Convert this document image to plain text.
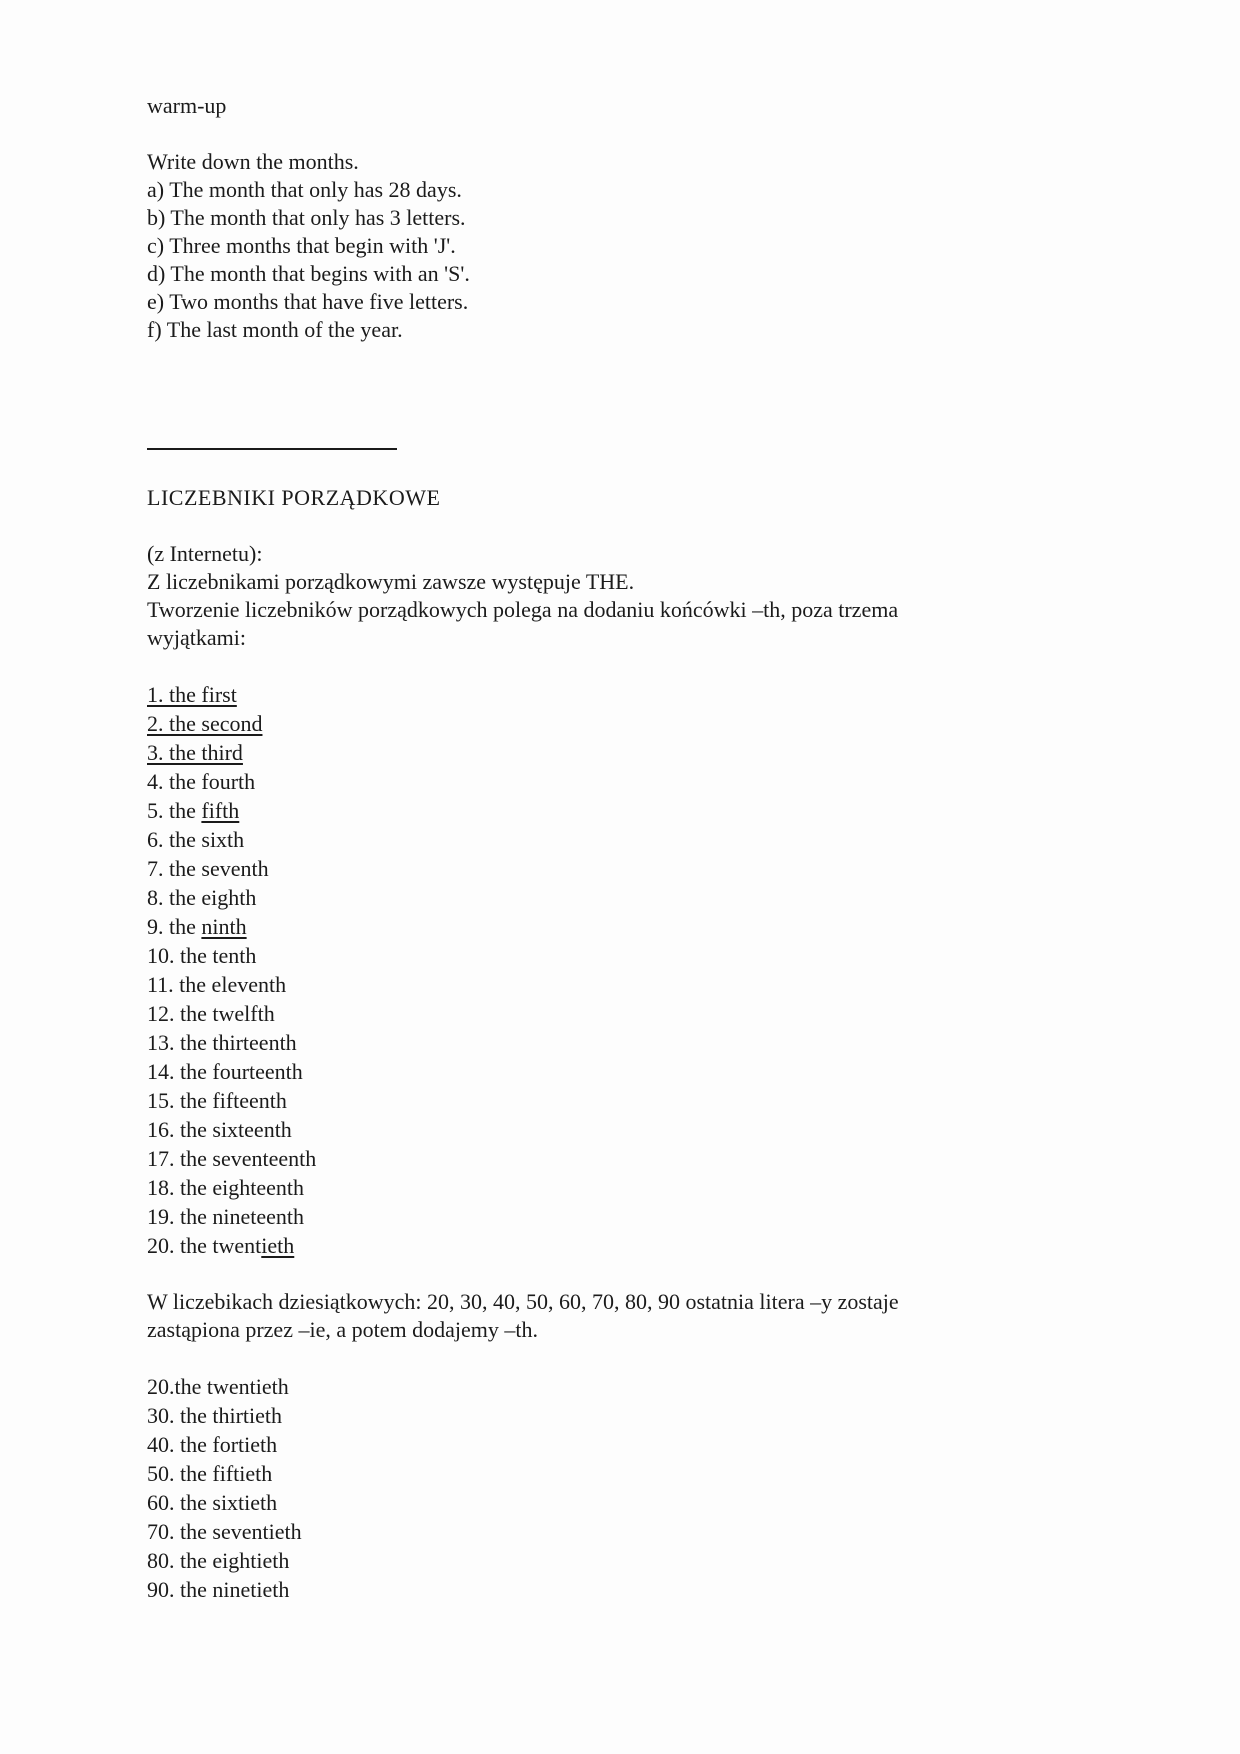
warm-up
Write down the months.
a) The month that only has 28 days.
b) The month that only has 3 letters.
c) Three months that begin with 'J'.
d) The month that begins with an 'S'.
e) Two months that have five letters.
f) The last month of the year.
LICZEBNIKI PORZĄDKOWE
(z Internetu):
Z liczebnikami porządkowymi zawsze występuje THE.
Tworzenie liczebników porządkowych polega na dodaniu końcówki –th, poza trzema
wyjątkami:
1. the first
2. the second
3. the third
4. the fourth
5. the fifth
6. the sixth
7. the seventh
8. the eighth
9. the ninth
10. the tenth
11. the eleventh
12. the twelfth
13. the thirteenth
14. the fourteenth
15. the fifteenth
16. the sixteenth
17. the seventeenth
18. the eighteenth
19. the nineteenth
20. the twentieth
W liczebikach dziesiątkowych: 20, 30, 40, 50, 60, 70, 80, 90 ostatnia litera –y zostaje
zastąpiona przez –ie, a potem dodajemy –th.
20.the twentieth
30. the thirtieth
40. the fortieth
50. the fiftieth
60. the sixtieth
70. the seventieth
80. the eightieth
90. the ninetieth
